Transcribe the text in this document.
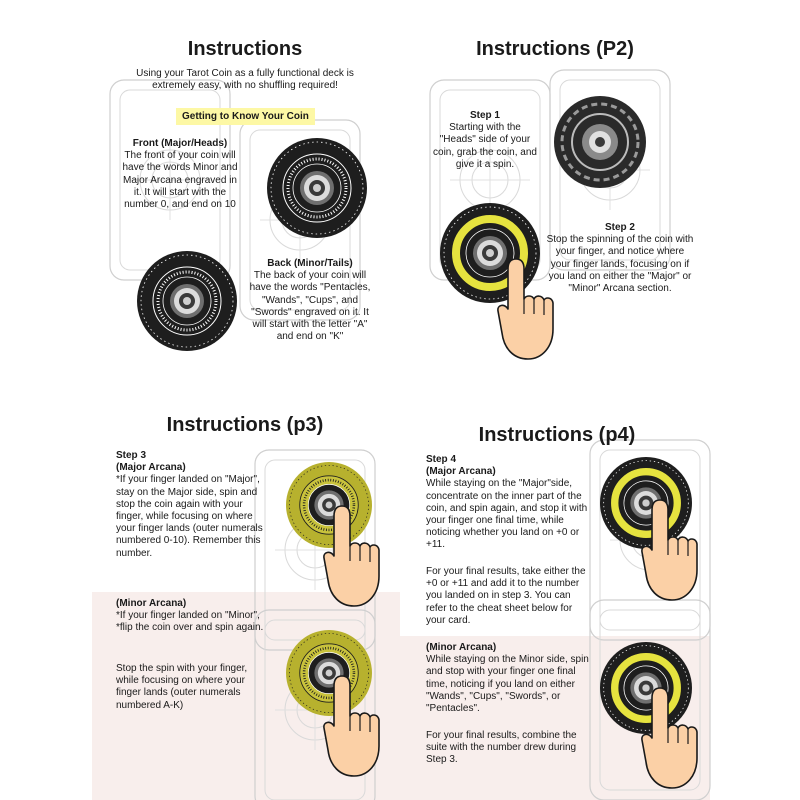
Instructions
Using your Tarot Coin as a fully functional deck is extremely easy, with no shuffling required!
Getting to Know Your Coin
Front (Major/Heads)
The front of your coin will have the words Minor and Major Arcana engraved in it. It will start with the number 0, and end on 10
Back (Minor/Tails)
The back of your coin will have the words "Pentacles, "Wands", "Cups", and "Swords" engraved on it. It will start with the letter "A" and end on "K"
Instructions (P2)
Step 1
Starting with the "Heads" side of your coin, grab the coin, and give it a spin.
Step 2
Stop the spinning of the coin with your finger, and notice where your finger lands, focusing on if you land on either the "Major" or "Minor" Arcana section.
Instructions (p3)
Step 3
(Major Arcana)
*If your finger landed on "Major", stay on the Major side, spin and stop the coin again with your finger, while focusing on where your finger lands (outer numerals numbered 0-10). Remember this number.
(Minor Arcana)
*If your finger landed on "Minor", *flip the coin over and spin again.
Stop the spin with your finger, while focusing on where your finger lands (outer numerals numbered A-K)
Instructions (p4)
Step 4
(Major Arcana)
While staying on the "Major"side, concentrate on the inner part of the coin, and spin again, and stop it with your finger one final time, while noticing whether you land on +0 or +11.
For your final results, take either the +0 or +11 and add it to the number you landed on in step 3. You can refer to the cheat sheet below for your card.
(Minor Arcana)
While staying on the Minor side, spin and stop with your finger one final time, noticing if you land on either "Wands", "Cups", "Swords", or "Pentacles".
For your final results, combine the suite with the number drew during Step 3.
